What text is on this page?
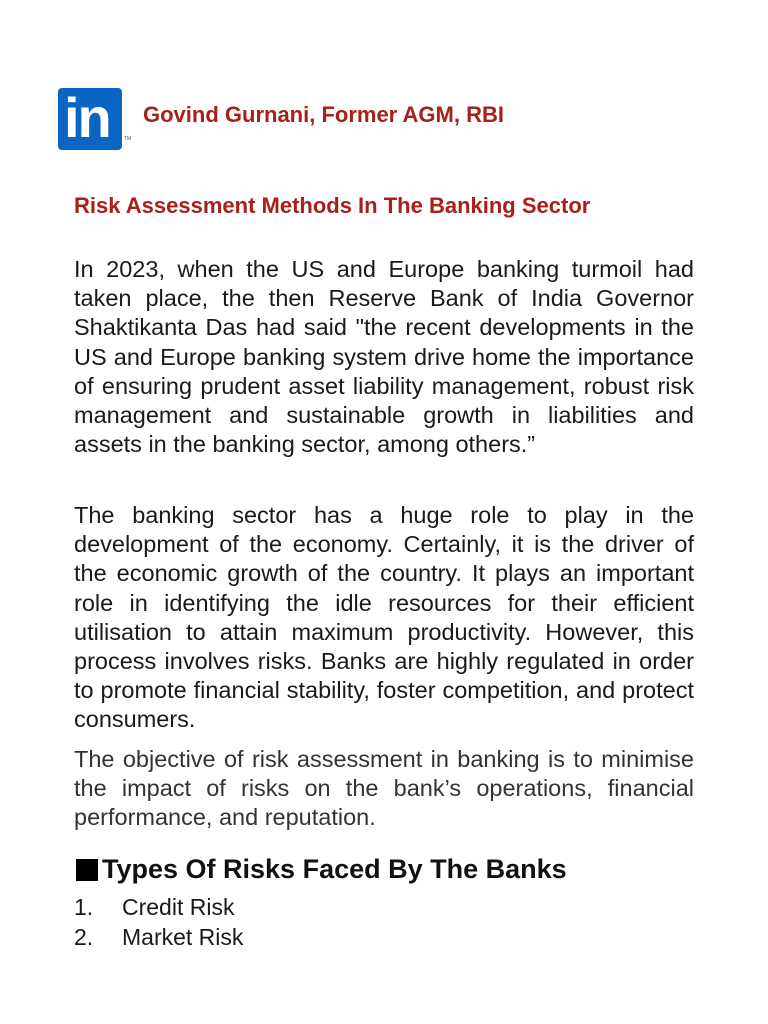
in	TM
Govind Gurnani, Former AGM, RBI
Risk Assessment Methods In The Banking Sector

In 2023, when the US and Europe banking turmoil had taken place, the then Reserve Bank of India Governor Shaktikanta Das had said "the recent developments in the US and Europe banking system drive home the importance of ensuring prudent asset liability management, robust risk management and sustainable growth in liabilities and assets in the banking sector, among others.”

The banking sector has a huge role to play in the development of the economy. Certainly, it is the driver of the economic growth of the country. It plays an important role in identifying the idle resources for their efficient utilisation to attain maximum productivity. However, this process involves risks. Banks are highly regulated in order to promote financial stability, foster competition, and protect consumers.

The objective of risk assessment in banking is to minimise the impact of risks on the bank’s operations, financial performance, and reputation.

Types Of Risks Faced By The Banks
1.	Credit Risk
2.	Market Risk
